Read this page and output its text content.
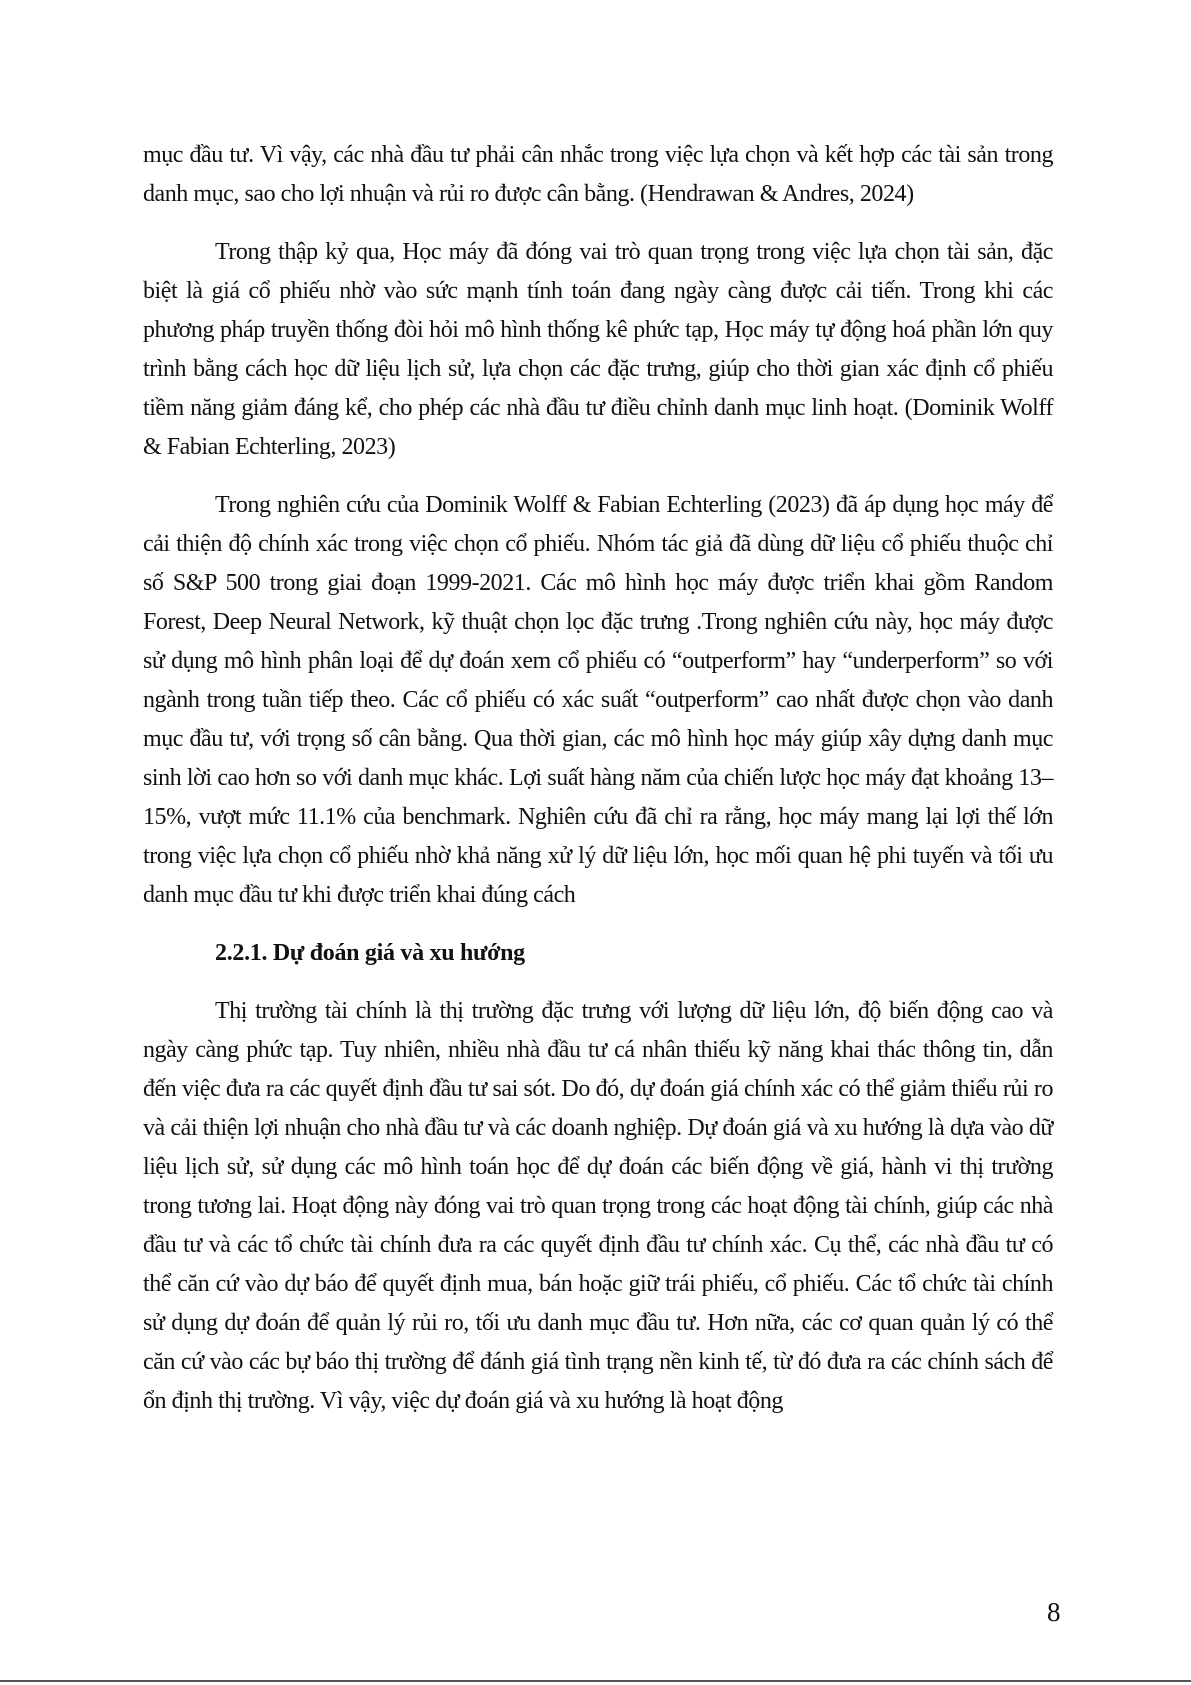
mục đầu tư. Vì vậy, các nhà đầu tư phải cân nhắc trong việc lựa chọn và kết hợp các tài sản trong danh mục, sao cho lợi nhuận và rủi ro được cân bằng. (Hendrawan & Andres, 2024)

Trong thập kỷ qua, Học máy đã đóng vai trò quan trọng trong việc lựa chọn tài sản, đặc biệt là giá cổ phiếu nhờ vào sức mạnh tính toán đang ngày càng được cải tiến. Trong khi các phương pháp truyền thống đòi hỏi mô hình thống kê phức tạp, Học máy tự động hoá phần lớn quy trình bằng cách học dữ liệu lịch sử, lựa chọn các đặc trưng, giúp cho thời gian xác định cổ phiếu tiềm năng giảm đáng kể, cho phép các nhà đầu tư điều chỉnh danh mục linh hoạt. (Dominik Wolff & Fabian Echterling, 2023)

Trong nghiên cứu của Dominik Wolff & Fabian Echterling (2023) đã áp dụng học máy để cải thiện độ chính xác trong việc chọn cổ phiếu. Nhóm tác giả đã dùng dữ liệu cổ phiếu thuộc chỉ số S&P 500 trong giai đoạn 1999-2021. Các mô hình học máy được triển khai gồm Random Forest, Deep Neural Network, kỹ thuật chọn lọc đặc trưng .Trong nghiên cứu này, học máy được sử dụng mô hình phân loại để dự đoán xem cổ phiếu có “outperform” hay “underperform” so với ngành trong tuần tiếp theo. Các cổ phiếu có xác suất “outperform” cao nhất được chọn vào danh mục đầu tư, với trọng số cân bằng. Qua thời gian, các mô hình học máy giúp xây dựng danh mục sinh lời cao hơn so với danh mục khác. Lợi suất hàng năm của chiến lược học máy đạt khoảng 13–15%, vượt mức 11.1% của benchmark. Nghiên cứu đã chỉ ra rằng, học máy mang lại lợi thế lớn trong việc lựa chọn cổ phiếu nhờ khả năng xử lý dữ liệu lớn, học mối quan hệ phi tuyến và tối ưu danh mục đầu tư khi được triển khai đúng cách

2.2.1. Dự đoán giá và xu hướng

Thị trường tài chính là thị trường đặc trưng với lượng dữ liệu lớn, độ biến động cao và ngày càng phức tạp. Tuy nhiên, nhiều nhà đầu tư cá nhân thiếu kỹ năng khai thác thông tin, dẫn đến việc đưa ra các quyết định đầu tư sai sót. Do đó, dự đoán giá chính xác có thể giảm thiểu rủi ro và cải thiện lợi nhuận cho nhà đầu tư và các doanh nghiệp. Dự đoán giá và xu hướng là dựa vào dữ liệu lịch sử, sử dụng các mô hình toán học để dự đoán các biến động về giá, hành vi thị trường trong tương lai. Hoạt động này đóng vai trò quan trọng trong các hoạt động tài chính, giúp các nhà đầu tư và các tổ chức tài chính đưa ra các quyết định đầu tư chính xác. Cụ thể, các nhà đầu tư có thể căn cứ vào dự báo để quyết định mua, bán hoặc giữ trái phiếu, cổ phiếu. Các tổ chức tài chính sử dụng dự đoán để quản lý rủi ro, tối ưu danh mục đầu tư. Hơn nữa, các cơ quan quản lý có thể căn cứ vào các bự báo thị trường để đánh giá tình trạng nền kinh tế, từ đó đưa ra các chính sách để ổn định thị trường. Vì vậy, việc dự đoán giá và xu hướng là hoạt động

8
